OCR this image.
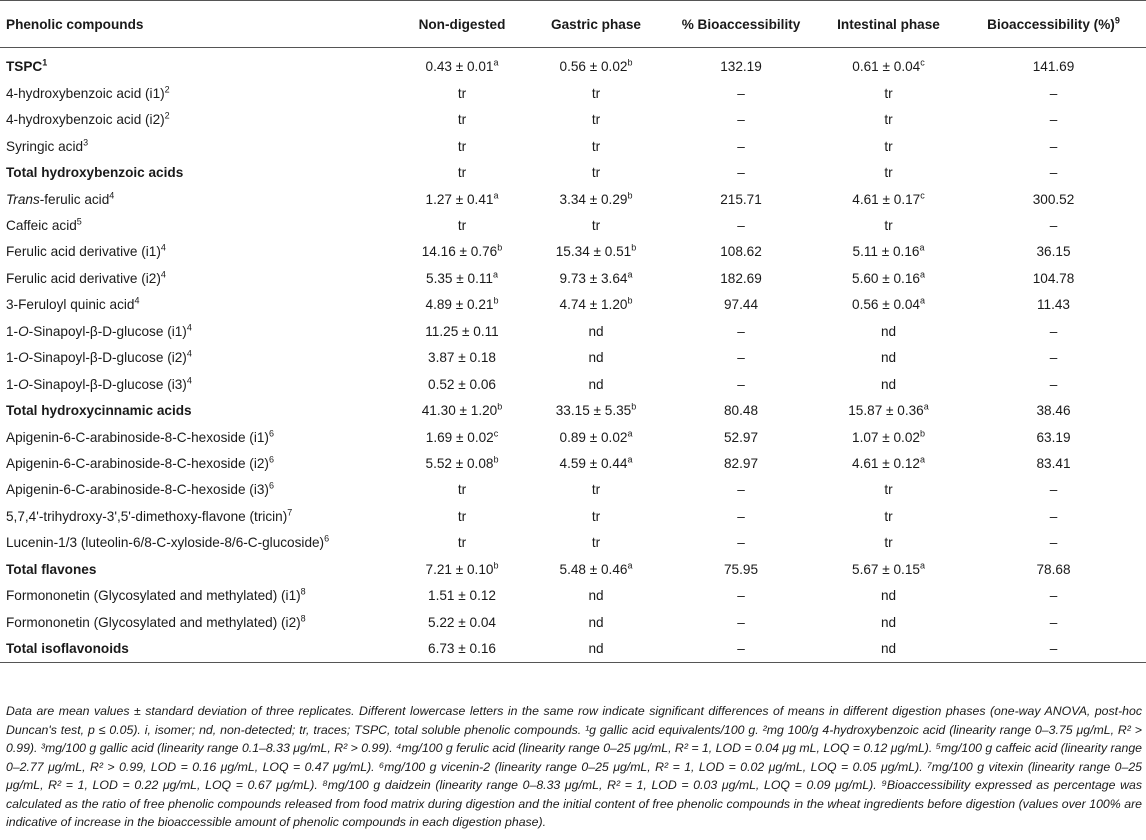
Phenolic compounds	Non-digested	Gastric phase	% Bioaccessibility	Intestinal phase	Bioaccessibility (%)$^9$
TSPC$^1$	0.43 ± 0.01$^a$	0.56 ± 0.02$^b$	132.19	0.61 ± 0.04$^c$	141.69
4-hydroxybenzoic acid $(i1)^2$	tr	tr	–	tr	–
4-hydroxybenzoic acid $(i2)^2$	tr	tr	–	tr	–
Syringic acid$^3$	tr	tr	–	tr	–
Total hydroxybenzoic acids	tr	tr	–	tr	–
Trans-ferulic acid$^4$	1.27 ± 0.41$^a$	3.34 ± 0.29$^b$	215.71	4.61 ± 0.17$^c$	300.52
Caffeic acid$^5$	tr	tr	–	tr	–
Ferulic acid derivative $(i1)^4$	14.16 ± 0.76$^b$	15.34 ± 0.51$^b$	108.62	5.11 ± 0.16$^a$	36.15
Ferulic acid derivative $(i2)^4$	5.35 ± 0.11$^a$	9.73 ± 3.64$^a$	182.69	5.60 ± 0.16$^a$	104.78
3-Feruloyl quinic acid$^4$	4.89 ± 0.21$^b$	4.74 ± 1.20$^b$	97.44	0.56 ± 0.04$^a$	11.43
1-O-Sinapoyl-β-D-glucose $(i1)^4$	11.25 ± 0.11	nd	–	nd	–
1-O-Sinapoyl-β-D-glucose $(i2)^4$	3.87 ± 0.18	nd	–	nd	–
1-O-Sinapoyl-β-D-glucose $(i3)^4$	0.52 ± 0.06	nd	–	nd	–
Total hydroxycinnamic acids	41.30 ± 1.20$^b$	33.15 ± 5.35$^b$	80.48	15.87 ± 0.36$^a$	38.46
Apigenin-6-C-arabinoside-8-C-hexoside $(i1)^6$	1.69 ± 0.02$^c$	0.89 ± 0.02$^a$	52.97	1.07 ± 0.02$^b$	63.19
Apigenin-6-C-arabinoside-8-C-hexoside $(i2)^6$	5.52 ± 0.08$^b$	4.59 ± 0.44$^a$	82.97	4.61 ± 0.12$^a$	83.41
Apigenin-6-C-arabinoside-8-C-hexoside $(i3)^6$	tr	tr	–	tr	–
5,7,4'-trihydroxy-3',5'-dimethoxy-flavone (tricin)$^7$	tr	tr	–	tr	–
Lucenin-1/3 (luteolin-6/8-C-xyloside-8/6-C-glucoside)$^6$	tr	tr	–	tr	–
Total flavones	7.21 ± 0.10$^b$	5.48 ± 0.46$^a$	75.95	5.67 ± 0.15$^a$	78.68
Formononetin (Glycosylated and methylated) $(i1)^8$	1.51 ± 0.12	nd	–	nd	–
Formononetin (Glycosylated and methylated) $(i2)^8$	5.22 ± 0.04	nd	–	nd	–
Total isoflavonoids	6.73 ± 0.16	nd	–	nd	–

Data are mean values ± standard deviation of three replicates. Different lowercase letters in the same row indicate significant differences of means in different digestion phases (one-way ANOVA, post-hoc Duncan's test, p ≤ 0.05). i, isomer; nd, non-detected; tr, traces; TSPC, total soluble phenolic compounds. ¹g gallic acid equivalents/100 g. ²mg 100/g 4-hydroxybenzoic acid (linearity range 0–3.75 μg/mL, R² > 0.99). ³mg/100 g gallic acid (linearity range 0.1–8.33 μg/mL, R² > 0.99). ⁴mg/100 g ferulic acid (linearity range 0–25 μg/mL, R² = 1, LOD = 0.04 μg mL, LOQ = 0.12 μg/mL). ⁵mg/100 g caffeic acid (linearity range 0–2.77 μg/mL, R² > 0.99, LOD = 0.16 μg/mL, LOQ = 0.47 μg/mL). ⁶mg/100 g vicenin-2 (linearity range 0–25 μg/mL, R² = 1, LOD = 0.02 μg/mL, LOQ = 0.05 μg/mL). ⁷mg/100 g vitexin (linearity range 0–25 μg/mL, R² = 1, LOD = 0.22 μg/mL, LOQ = 0.67 μg/mL). ⁸mg/100 g daidzein (linearity range 0–8.33 μg/mL, R² = 1, LOD = 0.03 μg/mL, LOQ = 0.09 μg/mL). ⁹Bioaccessibility expressed as percentage was calculated as the ratio of free phenolic compounds released from food matrix during digestion and the initial content of free phenolic compounds in the wheat ingredients before digestion (values over 100% are indicative of increase in the bioaccessible amount of phenolic compounds in each digestion phase).
